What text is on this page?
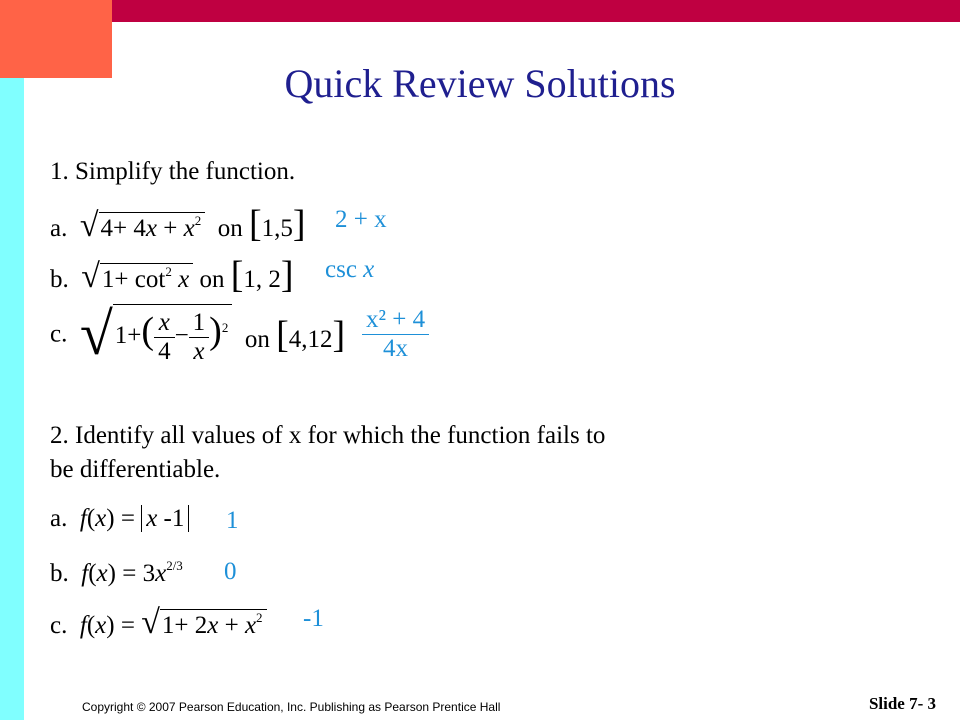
Quick Review Solutions
1. Simplify the function.
a. $√4+ 4x + x^2$  on [1,5] 2 + x
b. $√1+ \cot^2 x$ on [1, 2] csc x
c. $√1+( \frac{x}{4} - \frac{1}{x} )^2$  on $[4,12] \frac{\text{x² + 4}}{4x}$
2. Identify all values of x for which the function fails to
be differentiable.
a. f(x) = x -1 1
b. $f(x) = 3x^{2/3}$ 0
c. $f(x) = √1+ 2x + x^2$ -1
Copyright © 2007 Pearson Education, Inc. Publishing as Pearson Prentice Hall	Slide 7- 3
